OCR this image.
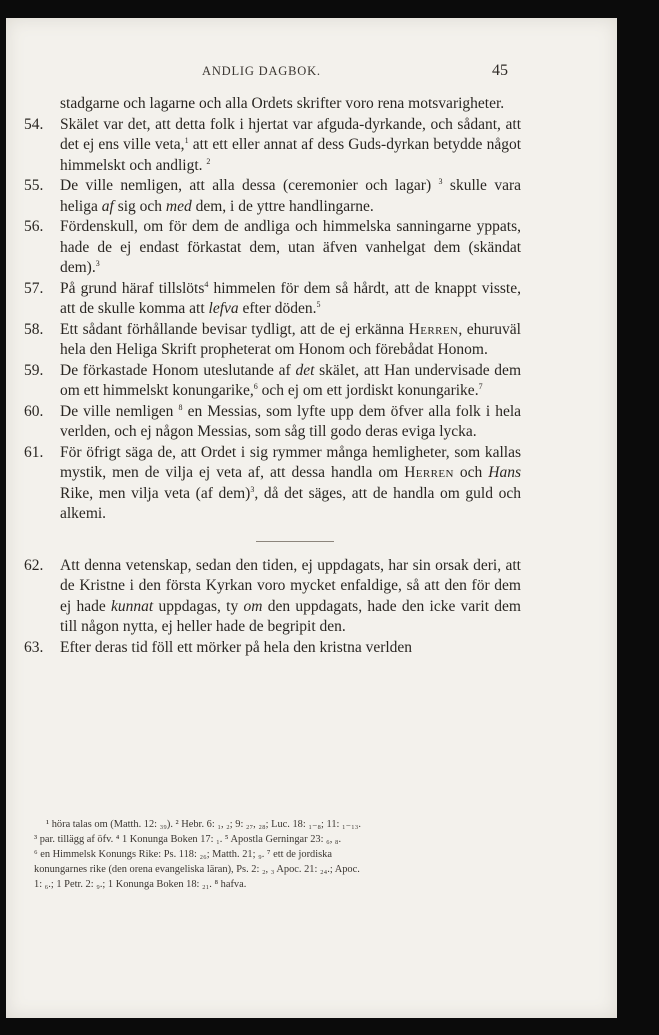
ANDLIG DAGBOK.	45
stadgarne och lagarne och alla Ordets skrifter voro rena motsvarigheter.
54. Skälet var det, att detta folk i hjertat var afguda-dyrkande, och sådant, att det ej ens ville veta,$^1$ att ett eller annat af dess Guds-dyrkan betydde något himmelskt och andligt. $^2$
55. De ville nemligen, att alla dessa (ceremonier och lagar) $^3$ skulle vara heliga af sig och med dem, i de yttre handlingarne.
56. Fördenskull, om för dem de andliga och himmelska sanningarne yppats, hade de ej endast förkastat dem, utan äfven vanhelgat dem (skändat dem).$^3$
57. På grund häraf tillslöts$^4$ himmelen för dem så hårdt, att de knappt visste, att de skulle komma att lefva efter döden.$^5$
58. Ett sådant förhållande bevisar tydligt, att de ej erkänna Herren, ehuruväl hela den Heliga Skrift propheterat om Honom och förebådat Honom.
59. De förkastade Honom uteslutande af det skälet, att Han undervisade dem om ett himmelskt konungarike,$^6$ och ej om ett jordiskt konungarike.$^7$
60. De ville nemligen $^8$ en Messias, som lyfte upp dem öfver alla folk i hela verlden, och ej någon Messias, som såg till godo deras eviga lycka.
61. För öfrigt säga de, att Ordet i sig rymmer många hemligheter, som kallas mystik, men de vilja ej veta af, att dessa handla om Herren och Hans Rike, men vilja veta (af dem)$^3$, då det säges, att de handla om guld och alkemi.
62. Att denna vetenskap, sedan den tiden, ej uppdagats, har sin orsak deri, att de Kristne i den första Kyrkan voro mycket enfaldige, så att den för dem ej hade kunnat uppdagas, ty om den uppdagats, hade den icke varit dem till någon nytta, ej heller hade de begripit den.
63. Efter deras tid föll ett mörker på hela den kristna verlden
¹ höra talas om (Matth. 12: ₃₉). ² Hebr. 6: ₁, ₂; 9: ₂₇, ₂₈; Luc. 18: ₁₋₈; 11: ₁₋₁₃.
³ par. tillägg af öfv. ⁴ 1 Konunga Boken 17: ₁. ⁵ Apostla Gerningar 23: ₆, ₈.
⁶ en Himmelsk Konungs Rike: Ps. 118: ₂₆; Matth. 21; ₉. ⁷ ett de jordiska
konungarnes rike (den orena evangeliska läran), Ps. 2: ₂, ₃ Apoc. 21: ₂₄.; Apoc.
1: ₆.; 1 Petr. 2: ₉.; 1 Konunga Boken 18: ₂₁. ⁸ hafva.
